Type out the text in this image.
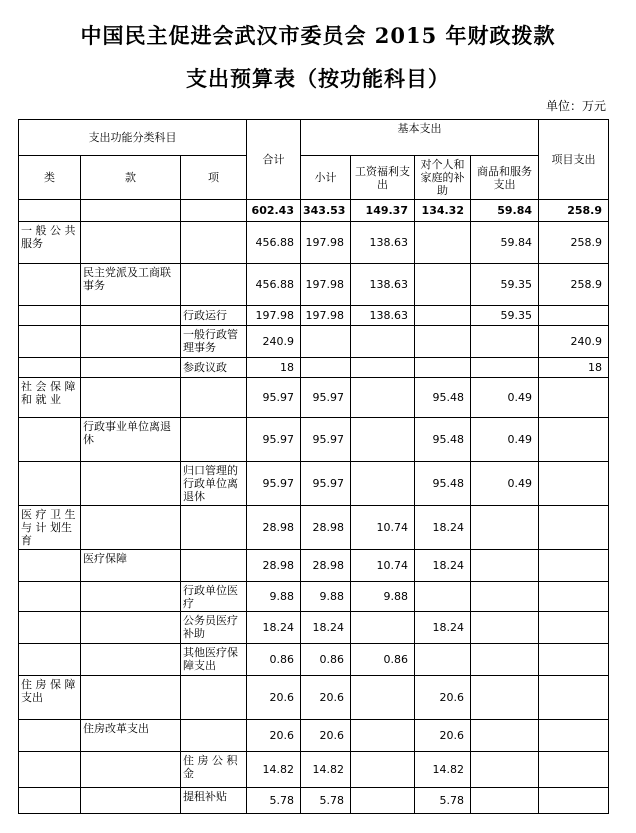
中国民主促进会武汉市委员会 2015 年财政拨款
支出预算表（按功能科目）
单位：万元
支出功能分类科目			合计	基本支出				项目支出
类	款	项		小计	工资福利支出	对个人和家庭的补助	商品和服务支出	
			602.43	343.53	149.37	134.32	59.84	258.9
一 般 公 共服务			456.88	197.98	138.63		59.84	258.9
	民主党派及工商联事务		456.88	197.98	138.63		59.35	258.9
		行政运行	197.98	197.98	138.63		59.35	
		一般行政管理事务	240.9					240.9
		参政议政	18					18
社 会 保 障 和 就 业			95.97	95.97		95.48	0.49	
	行政事业单位离退休		95.97	95.97		95.48	0.49	
		归口管理的行政单位离退休	95.97	95.97		95.48	0.49	
医 疗 卫 生 与 计 划生育			28.98	28.98	10.74	18.24		
	医疗保障		28.98	28.98	10.74	18.24		
		行政单位医疗	9.88	9.88	9.88			
		公务员医疗补助	18.24	18.24		18.24		
		其他医疗保障支出	0.86	0.86	0.86			
住 房 保 障支出			20.6	20.6		20.6		
	住房改革支出		20.6	20.6		20.6		
		住 房 公 积金	14.82	14.82		14.82		
		提租补贴	5.78	5.78		5.78		
